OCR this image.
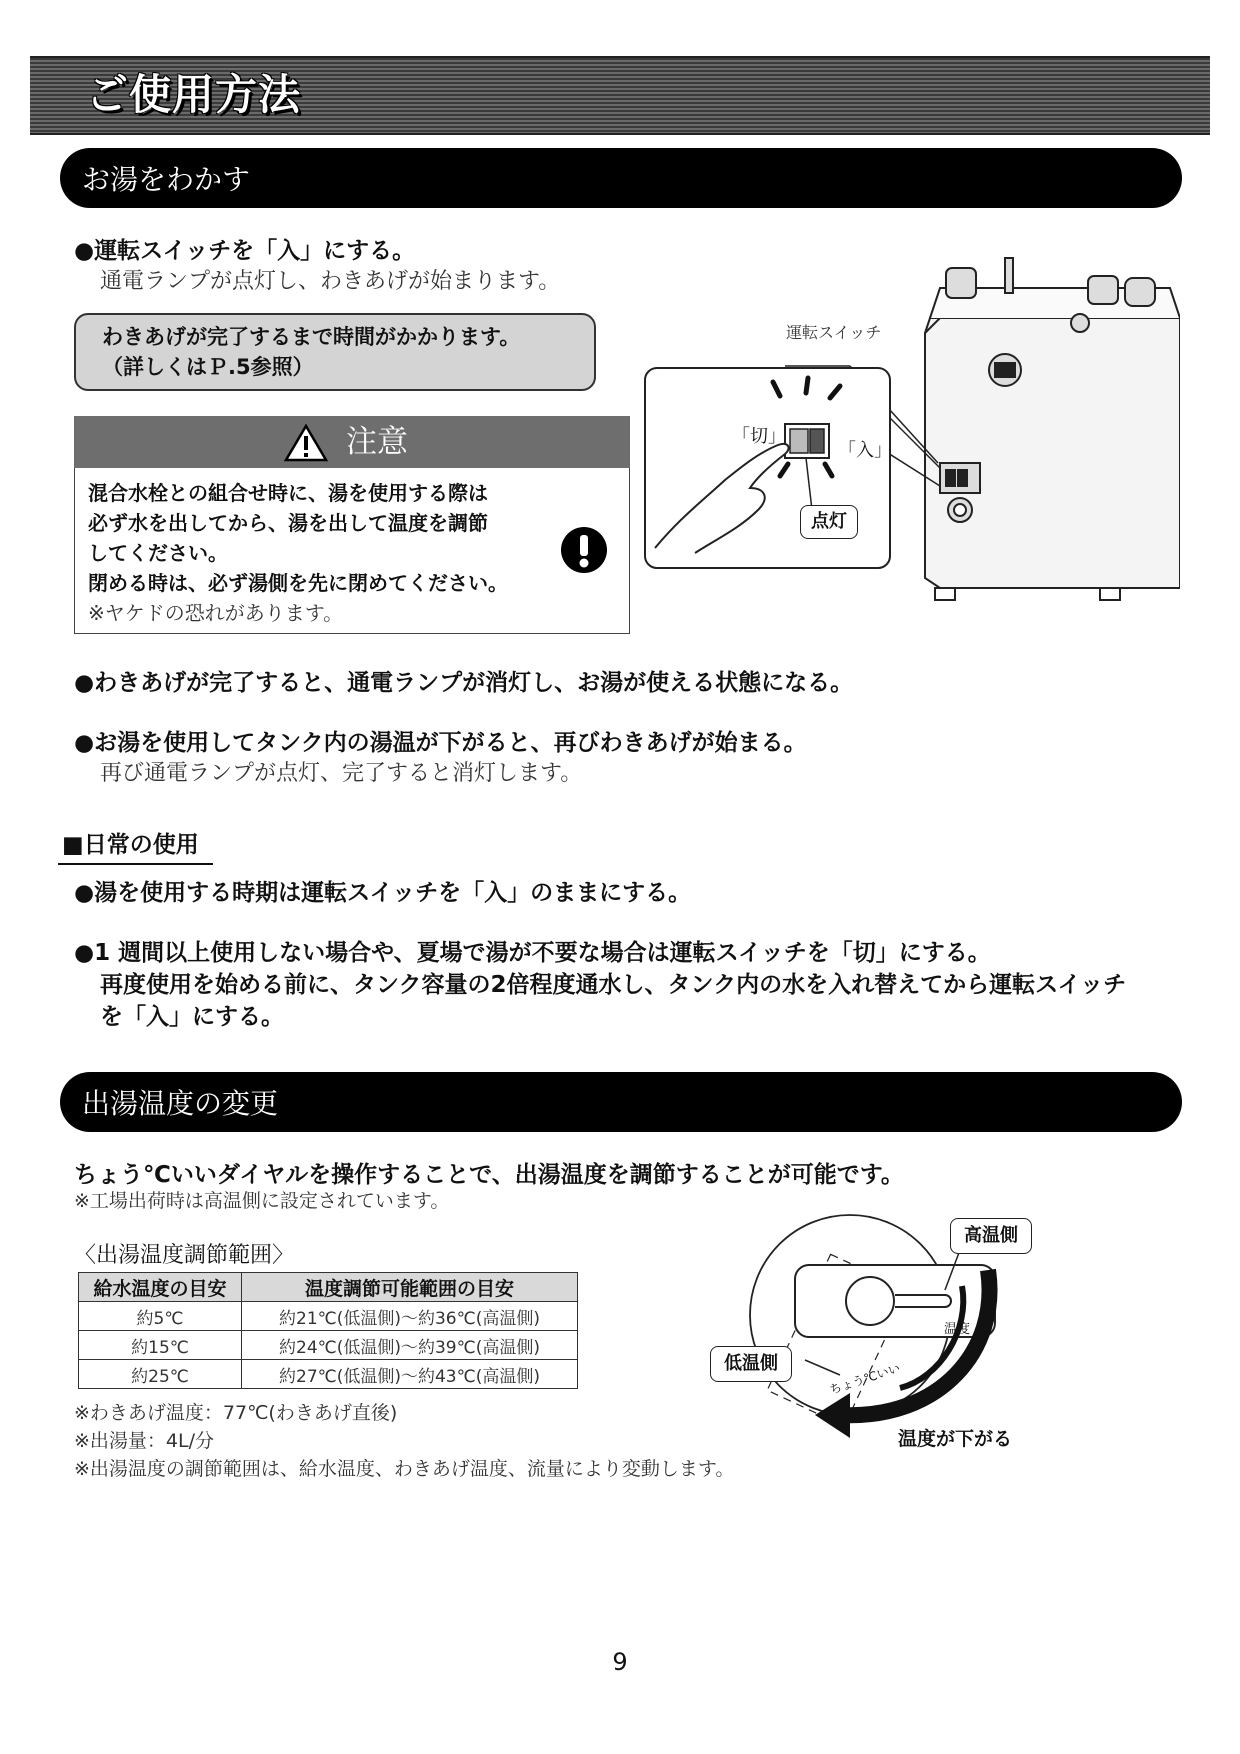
ご使用方法
お湯をわかす
●運転スイッチを「入」にする。
通電ランプが点灯し、わきあげが始まります。
わきあげが完了するまで時間がかかります。
（詳しくはＰ.5参照）
注意
混合水栓との組合せ時に、湯を使用する際は
必ず水を出してから、湯を出して温度を調節
してください。
閉める時は、必ず湯側を先に閉めてください。
※ヤケドの恐れがあります。
運転スイッチ
「切」
「入」
点灯
●わきあげが完了すると、通電ランプが消灯し、お湯が使える状態になる。
●お湯を使用してタンク内の湯温が下がると、再びわきあげが始まる。
再び通電ランプが点灯、完了すると消灯します。
■日常の使用
●湯を使用する時期は運転スイッチを「入」のままにする。
●1 週間以上使用しない場合や、夏場で湯が不要な場合は運転スイッチを「切」にする。
再度使用を始める前に、タンク容量の2倍程度通水し、タンク内の水を入れ替えてから運転スイッチ
を「入」にする。
出湯温度の変更
ちょう℃いいダイヤルを操作することで、出湯温度を調節することが可能です。
※工場出荷時は高温側に設定されています。
〈出湯温度調節範囲〉
給水温度の目安	温度調節可能範囲の目安
約5℃	約21℃(低温側)〜約36℃(高温側)
約15℃	約24℃(低温側)〜約39℃(高温側)
約25℃	約27℃(低温側)〜約43℃(高温側)
※わきあげ温度：77℃(わきあげ直後)
※出湯量：4L/分
※出湯温度の調節範囲は、給水温度、わきあげ温度、流量により変動します。
高温側
低温側
温度
ちょう℃いい
温度が下がる
9
